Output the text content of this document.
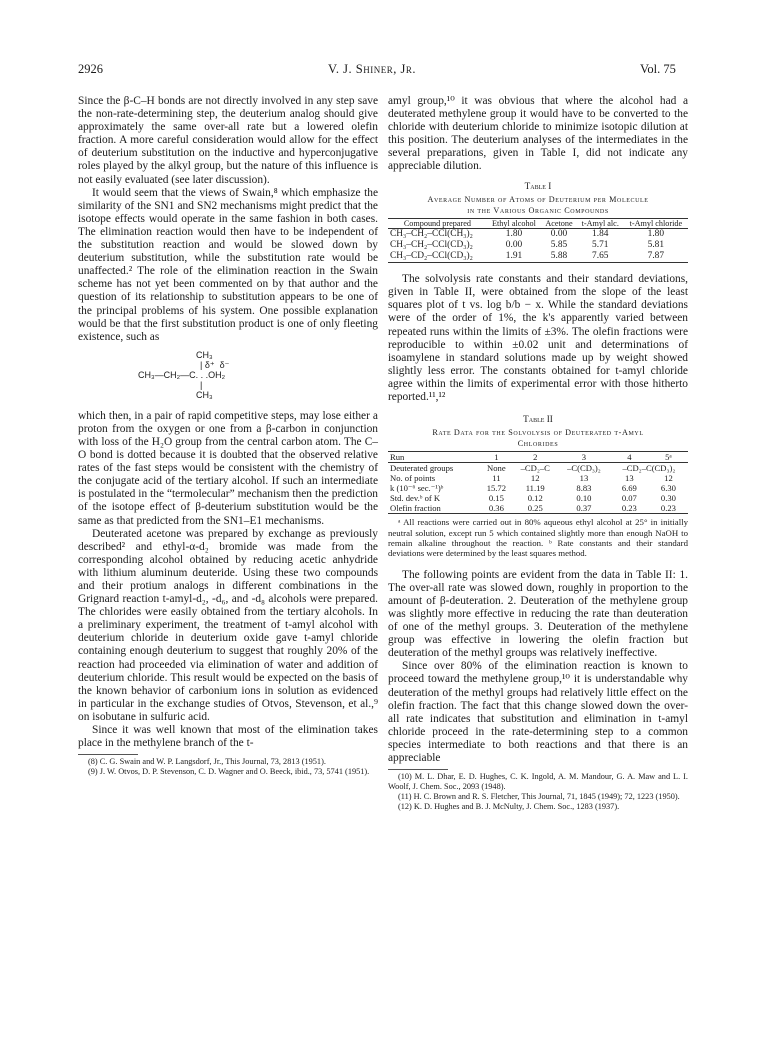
2926	V. J. Shiner, Jr.	Vol. 75

Since the β-C–H bonds are not directly involved in any step save the non-rate-determining step, the deuterium analog should give approximately the same over-all rate but a lowered olefin fraction. A more careful consideration would allow for the effect of deuterium substitution on the inductive and hyperconjugative roles played by the alkyl group, but the nature of this influence is not easily evaluated (see later discussion).

It would seem that the views of Swain,⁸ which emphasize the similarity of the SN1 and SN2 mechanisms might predict that the isotope effects would operate in the same fashion in both cases. The elimination reaction would then have to be independent of the substitution reaction and would be slowed down by deuterium substitution, while the substitution rate would be unaffected.² The role of the elimination reaction in the Swain scheme has not yet been commented on by that author and the question of its relationship to substitution appears to be one of the principal problems of his system. One possible explanation would be that the first substitution product is one of only fleeting existence, such as

CH₃
| δ⁺  δ⁻
CH₃—CH₂—C. . .OH₂
|
CH₃

which then, in a pair of rapid competitive steps, may lose either a proton from the oxygen or one from a β-carbon in conjunction with loss of the H₂O group from the central carbon atom. The C–O bond is dotted because it is doubted that the observed relative rates of the fast steps would be consistent with the chemistry of the conjugate acid of the tertiary alcohol. If such an intermediate is postulated in the “termolecular” mechanism then the prediction of the isotope effect of β-deuterium substitution would be the same as that predicted from the SN1–E1 mechanisms.

Deuterated acetone was prepared by exchange as previously described² and ethyl-α-d₂ bromide was made from the corresponding alcohol obtained by reducing acetic anhydride with lithium aluminum deuteride. Using these two compounds and their protium analogs in different combinations in the Grignard reaction t-amyl-d₂, -d₆, and -d₈ alcohols were prepared. The chlorides were easily obtained from the tertiary alcohols. In a preliminary experiment, the treatment of t-amyl alcohol with deuterium chloride in deuterium oxide gave t-amyl chloride containing enough deuterium to suggest that roughly 20% of the reaction had proceeded via elimination of water and addition of deuterium chloride. This result would be expected on the basis of the known behavior of carbonium ions in solution as evidenced in particular in the exchange studies of Otvos, Stevenson, et al.,⁹ on isobutane in sulfuric acid.

Since it was well known that most of the elimination takes place in the methylene branch of the t-

(8) C. G. Swain and W. P. Langsdorf, Jr., This Journal, 73, 2813 (1951).
(9) J. W. Otvos, D. P. Stevenson, C. D. Wagner and O. Beeck, ibid., 73, 5741 (1951).

amyl group,¹⁰ it was obvious that where the alcohol had a deuterated methylene group it would have to be converted to the chloride with deuterium chloride to minimize isotopic dilution at this position. The deuterium analyses of the intermediates in the several preparations, given in Table I, did not indicate any appreciable dilution.

Table I
Average Number of Atoms of Deuterium per Molecule
in the Various Organic Compounds
Compound prepared	Ethyl alcohol	Acetone	t-Amyl alc.	t-Amyl chloride
CH₃–CH₂–CCl(CH₃)₂	1.80	0.00	1.84	1.80
CH₃–CH₂–CCl(CD₃)₂	0.00	5.85	5.71	5.81
CH₃–CD₂–CCl(CD₃)₂	1.91	5.88	7.65	7.87

The solvolysis rate constants and their standard deviations, given in Table II, were obtained from the slope of the least squares plot of t vs. log b/b − x. While the standard deviations were of the order of 1%, the k's apparently varied between repeated runs within the limits of ±3%. The olefin fractions were reproducible to within ±0.02 unit and determinations of isoamylene in standard solutions made up by weight showed slightly less error. The constants obtained for t-amyl chloride agree within the limits of experimental error with those hitherto reported.¹¹,¹²

Table II
Rate Data for the Solvolysis of Deuterated t-Amyl
Chlorides
Run	1	2	3	4	5ᵃ
Deuterated groups	None	–CD₂–C	–C(CD₃)₂	–CD₂–C(CD₃)₂	
No. of points	11	12	13	13	12
k (10⁻⁶ sec.⁻¹)ᵇ	15.72	11.19	8.83	6.69	6.30
Std. dev.ᵇ of K	0.15	0.12	0.10	0.07	0.30
Olefin fraction	0.36	0.25	0.37	0.23	0.23
ᵃ All reactions were carried out in 80% aqueous ethyl alcohol at 25° in initially neutral solution, except run 5 which contained slightly more than enough NaOH to remain alkaline throughout the reaction. ᵇ Rate constants and their standard deviations were determined by the least squares method.

The following points are evident from the data in Table II: 1. The over-all rate was slowed down, roughly in proportion to the amount of β-deuteration. 2. Deuteration of the methylene group was slightly more effective in reducing the rate than deuteration of one of the methyl groups. 3. Deuteration of the methylene group was effective in lowering the olefin fraction but deuteration of the methyl groups was relatively ineffective.

Since over 80% of the elimination reaction is known to proceed toward the methylene group,¹⁰ it is understandable why deuteration of the methyl groups had relatively little effect on the olefin fraction. The fact that this change slowed down the over-all rate indicates that substitution and elimination in t-amyl chloride proceed in the rate-determining step to a common species intermediate to both reactions and that there is an appreciable

(10) M. L. Dhar, E. D. Hughes, C. K. Ingold, A. M. Mandour, G. A. Maw and L. I. Woolf, J. Chem. Soc., 2093 (1948).
(11) H. C. Brown and R. S. Fletcher, This Journal, 71, 1845 (1949); 72, 1223 (1950).
(12) K. D. Hughes and B. J. McNulty, J. Chem. Soc., 1283 (1937).
